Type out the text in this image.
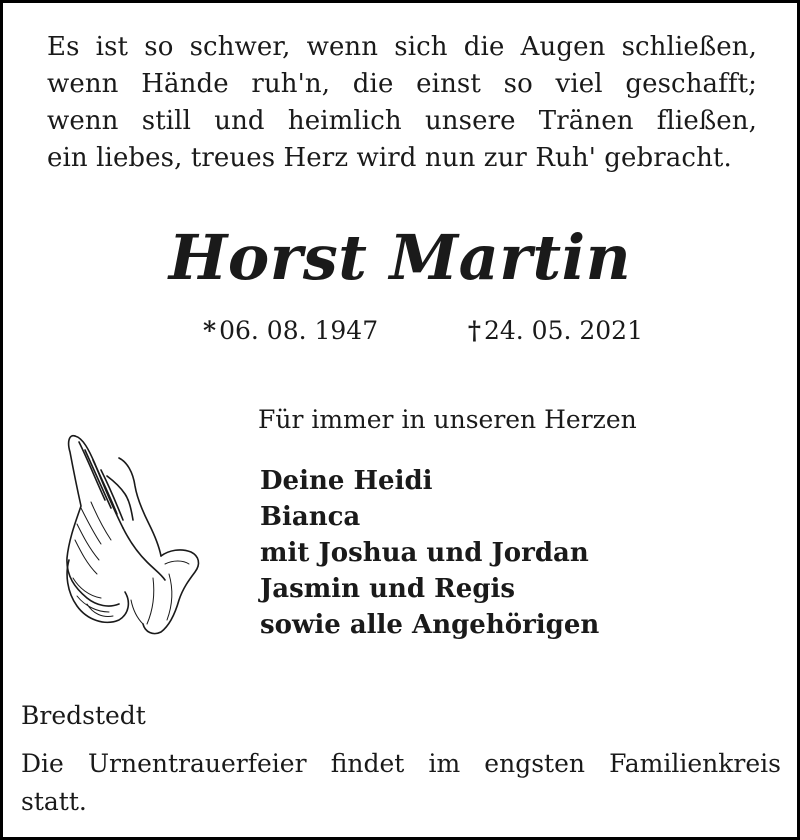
Es ist so schwer, wenn sich die Augen schließen,
wenn Hände ruh'n, die einst so viel geschafft;
wenn still und heimlich unsere Tränen fließen,
ein liebes, treues Herz wird nun zur Ruh' gebracht.
Horst Martin
* 06. 08. 1947	† 24. 05. 2021
Für immer in unseren Herzen
Deine Heidi
Bianca
mit Joshua und Jordan
Jasmin und Regis
sowie alle Angehörigen
Bredstedt
Die Urnentrauerfeier findet im engsten Familienkreis
statt.
